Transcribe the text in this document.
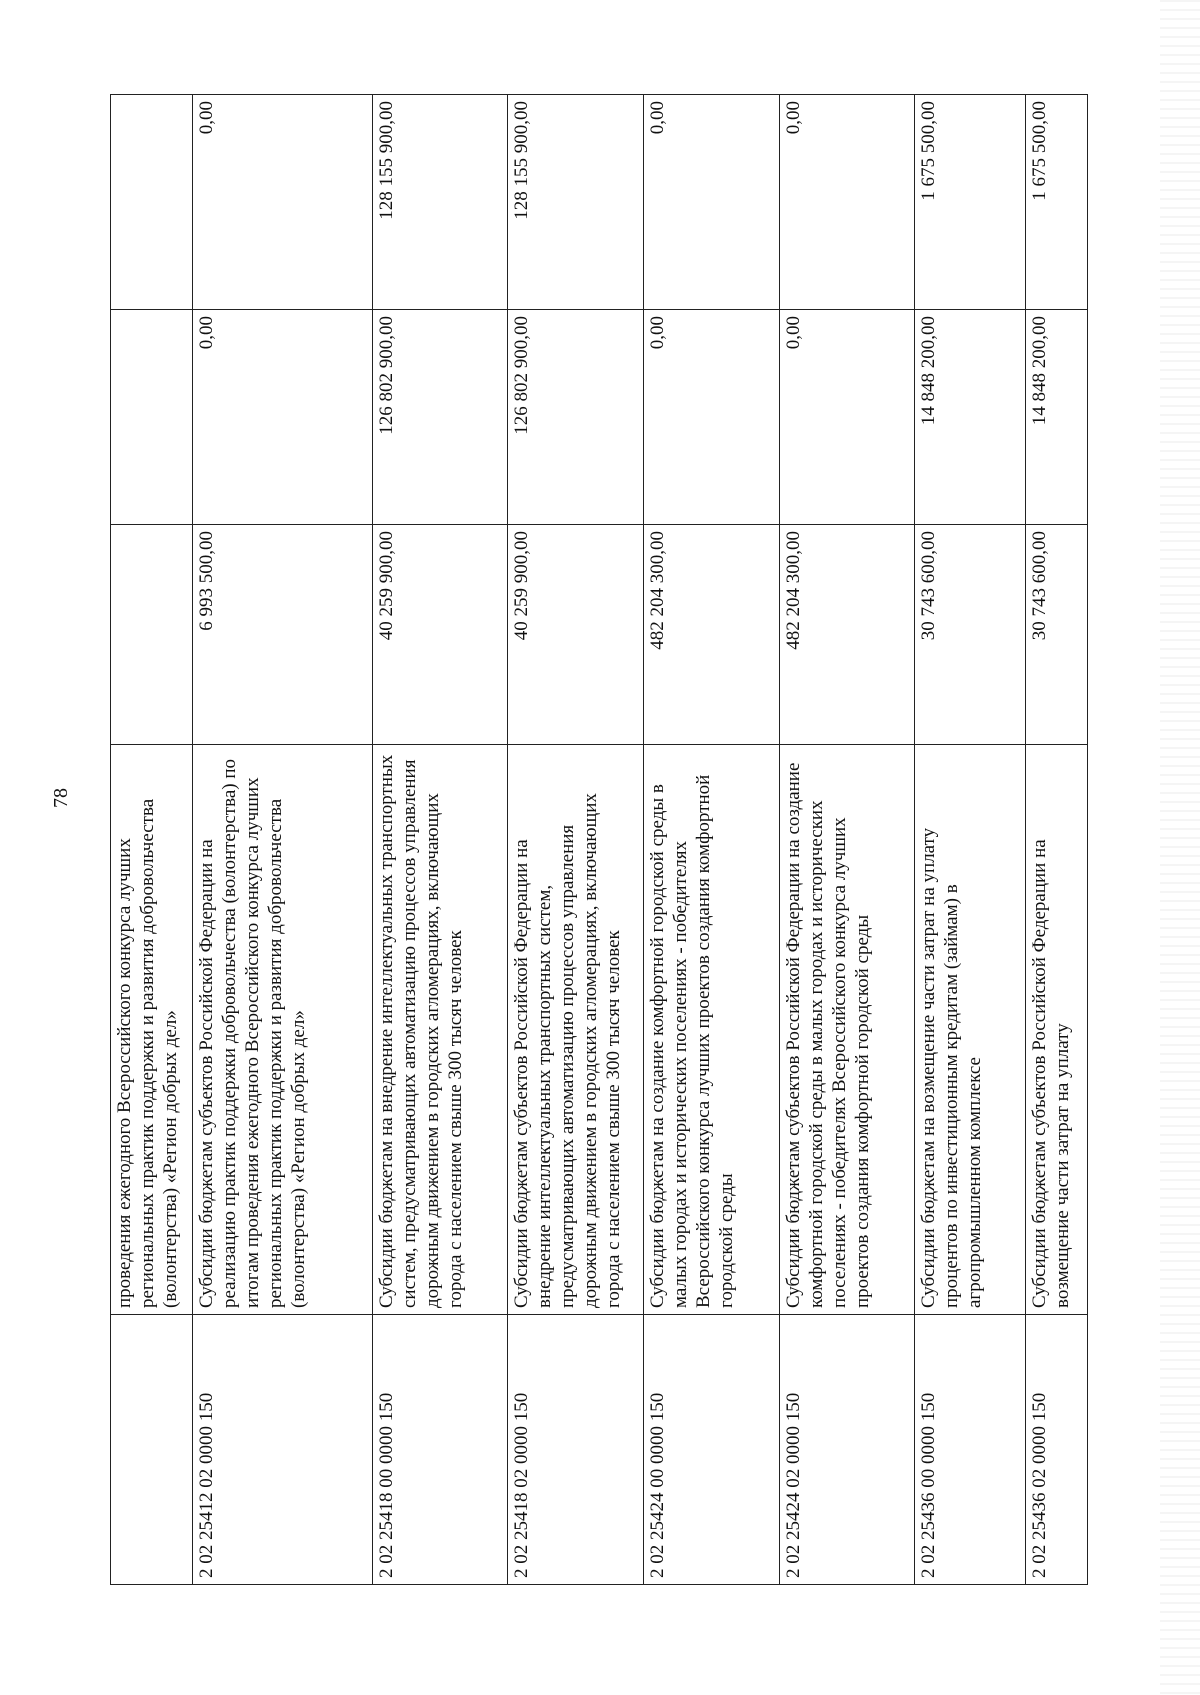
78
	проведения ежегодного Всероссийского конкурса лучших региональных практик поддержки и развития добровольчества (волонтерства) «Регион добрых дел»			
2 02 25412 02 0000 150	Субсидии бюджетам субъектов Российской Федерации на реализацию практик поддержки добровольчества (волонтерства) по итогам проведения ежегодного Всероссийского конкурса лучших региональных практик поддержки и развития добровольчества (волонтерства) «Регион добрых дел»	6 993 500,00	0,00	0,00
2 02 25418 00 0000 150	Субсидии бюджетам на внедрение интеллектуальных транспортных систем, предусматривающих автоматизацию процессов управления дорожным движением в городских агломерациях, включающих города с населением свыше 300 тысяч человек	40 259 900,00	126 802 900,00	128 155 900,00
2 02 25418 02 0000 150	Субсидии бюджетам субъектов Российской Федерации на внедрение интеллектуальных транспортных систем, предусматривающих автоматизацию процессов управления дорожным движением в городских агломерациях, включающих города с населением свыше 300 тысяч человек	40 259 900,00	126 802 900,00	128 155 900,00
2 02 25424 00 0000 150	Субсидии бюджетам на создание комфортной городской среды в малых городах и исторических поселениях - победителях Всероссийского конкурса лучших проектов создания комфортной городской среды	482 204 300,00	0,00	0,00
2 02 25424 02 0000 150	Субсидии бюджетам субъектов Российской Федерации на создание комфортной городской среды в малых городах и исторических поселениях - победителях Всероссийского конкурса лучших проектов создания комфортной городской среды	482 204 300,00	0,00	0,00
2 02 25436 00 0000 150	Субсидии бюджетам на возмещение части затрат на уплату процентов по инвестиционным кредитам (займам) в агропромышленном комплексе	30 743 600,00	14 848 200,00	1 675 500,00
2 02 25436 02 0000 150	Субсидии бюджетам субъектов Российской Федерации на возмещение части затрат на уплату	30 743 600,00	14 848 200,00	1 675 500,00
